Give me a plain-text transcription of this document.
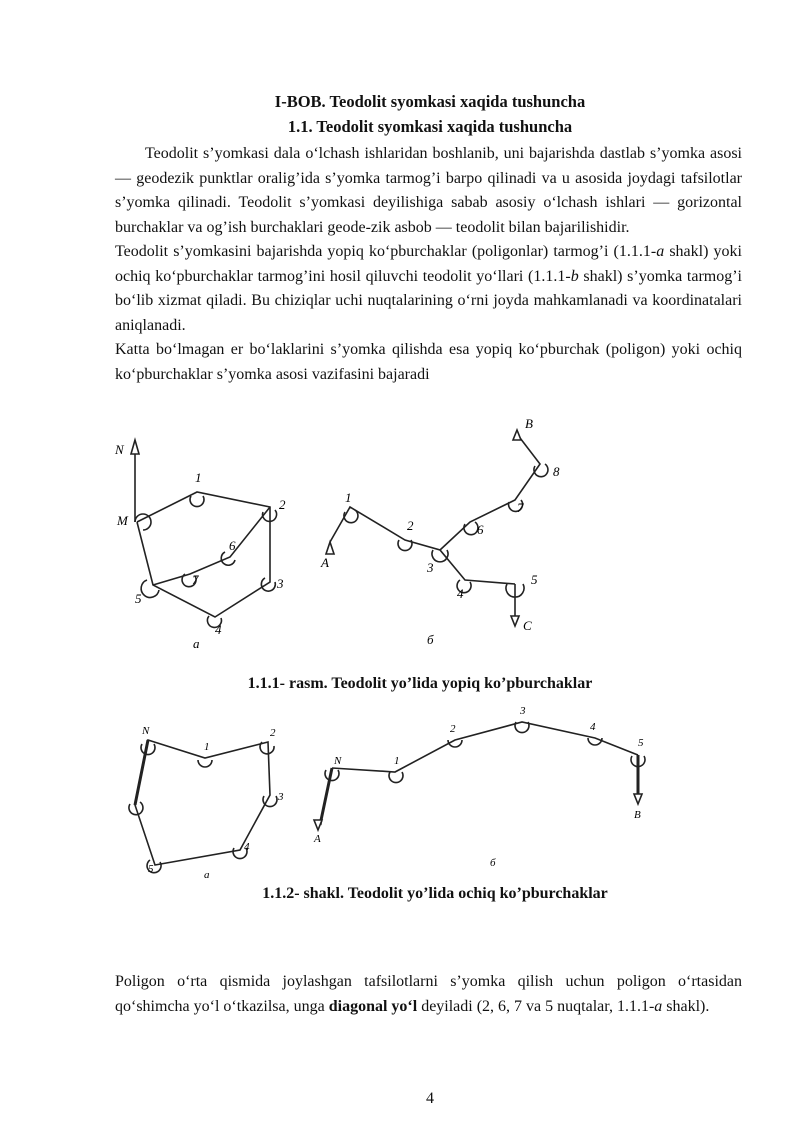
I-BOB. Teodolit syomkasi xaqida tushuncha
1.1. Teodolit syomkasi xaqida tushuncha

Teodolit s’yomkasi dala o‘lchash ishlaridan boshlanib, uni bajarishda dastlab s’yomka asosi — geodezik punktlar oralig’ida s’yomka tarmog’i barpo qilinadi va u asosida joydagi tafsilotlar s’yomka qilinadi. Teodolit s’yomkasi deyilishiga sabab asosiy o‘lchash ishlari — gorizontal burchaklar va og’ish burchaklari geode-zik asbob — teodolit bilan bajarilishidir.

Teodolit s’yomkasini bajarishda yopiq ko‘pburchaklar (poligonlar) tarmog’i (1.1.1-a shakl) yoki ochiq ko‘pburchaklar tarmog’ini hosil qiluvchi teodolit yo‘llari (1.1.1-b shakl) s’yomka tarmog’i bo‘lib xizmat qiladi. Bu chiziqlar uchi nuqtalarining o‘rni joyda mahkamlanadi va koordinatalari aniqlanadi.

Katta bo‘lmagan er bo‘laklarini s’yomka qilishda esa yopiq ko‘pburchak (poligon) yoki ochiq ko‘pburchaklar s’yomka asosi vazifasini bajaradi

N
M
1
2
3
4
5
6
7
a
A
B
C
1
2
3
4
5
6
7
8
б
1.1.1- rasm. Teodolit yo’lida yopiq ko’pburchaklar
N
1
2
3
4
5	a
N	1
2
3
4
5
A
B
б
1.1.2- shakl. Teodolit yo’lida ochiq ko’pburchaklar

Poligon o‘rta qismida joylashgan tafsilotlarni s’yomka qilish uchun poligon o‘rtasidan qo‘shimcha yo‘l o‘tkazilsa, unga diagonal yo‘l deyiladi (2, 6, 7 va 5 nuqtalar, 1.1.1-a shakl).

4
